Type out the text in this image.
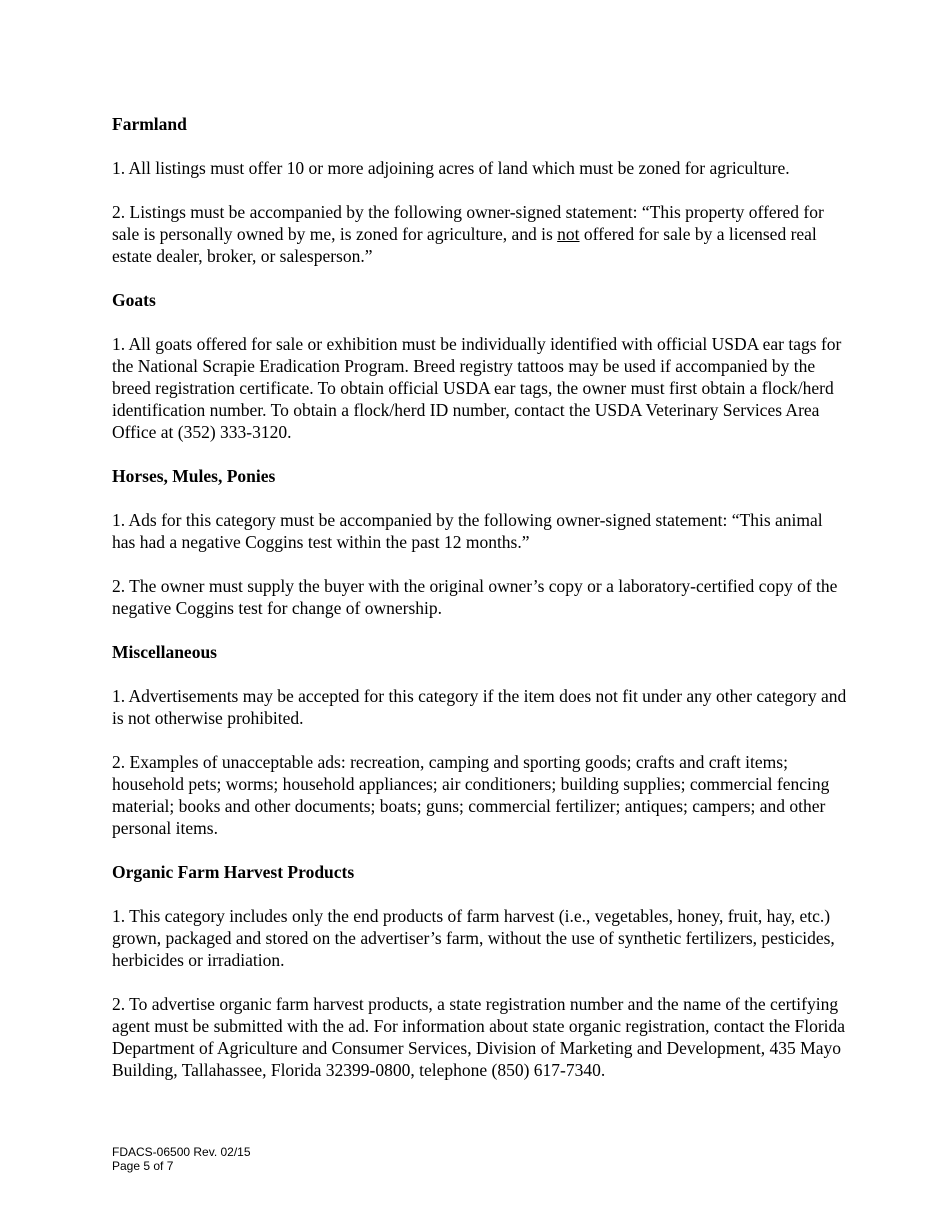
Farmland

1. All listings must offer 10 or more adjoining acres of land which must be zoned for agriculture.

2. Listings must be accompanied by the following owner-signed statement: “This property offered for sale is personally owned by me, is zoned for agriculture, and is not offered for sale by a licensed real estate dealer, broker, or salesperson.”

Goats

1. All goats offered for sale or exhibition must be individually identified with official USDA ear tags for the National Scrapie Eradication Program. Breed registry tattoos may be used if accompanied by the breed registration certificate. To obtain official USDA ear tags, the owner must first obtain a flock/herd identification number. To obtain a flock/herd ID number, contact the USDA Veterinary Services Area Office at (352) 333-3120.

Horses, Mules, Ponies

1. Ads for this category must be accompanied by the following owner-signed statement: “This animal has had a negative Coggins test within the past 12 months.”

2. The owner must supply the buyer with the original owner’s copy or a laboratory-certified copy of the negative Coggins test for change of ownership.

Miscellaneous

1. Advertisements may be accepted for this category if the item does not fit under any other category and is not otherwise prohibited.

2. Examples of unacceptable ads: recreation, camping and sporting goods; crafts and craft items; household pets; worms; household appliances; air conditioners; building supplies; commercial fencing material; books and other documents; boats; guns; commercial fertilizer; antiques; campers; and other personal items.

Organic Farm Harvest Products

1. This category includes only the end products of farm harvest (i.e., vegetables, honey, fruit, hay, etc.) grown, packaged and stored on the advertiser’s farm, without the use of synthetic fertilizers, pesticides, herbicides or irradiation.

2. To advertise organic farm harvest products, a state registration number and the name of the certifying agent must be submitted with the ad. For information about state organic registration, contact the Florida Department of Agriculture and Consumer Services, Division of Marketing and Development, 435 Mayo Building, Tallahassee, Florida 32399-0800, telephone (850) 617-7340.

FDACS-06500 Rev. 02/15
Page 5 of 7
